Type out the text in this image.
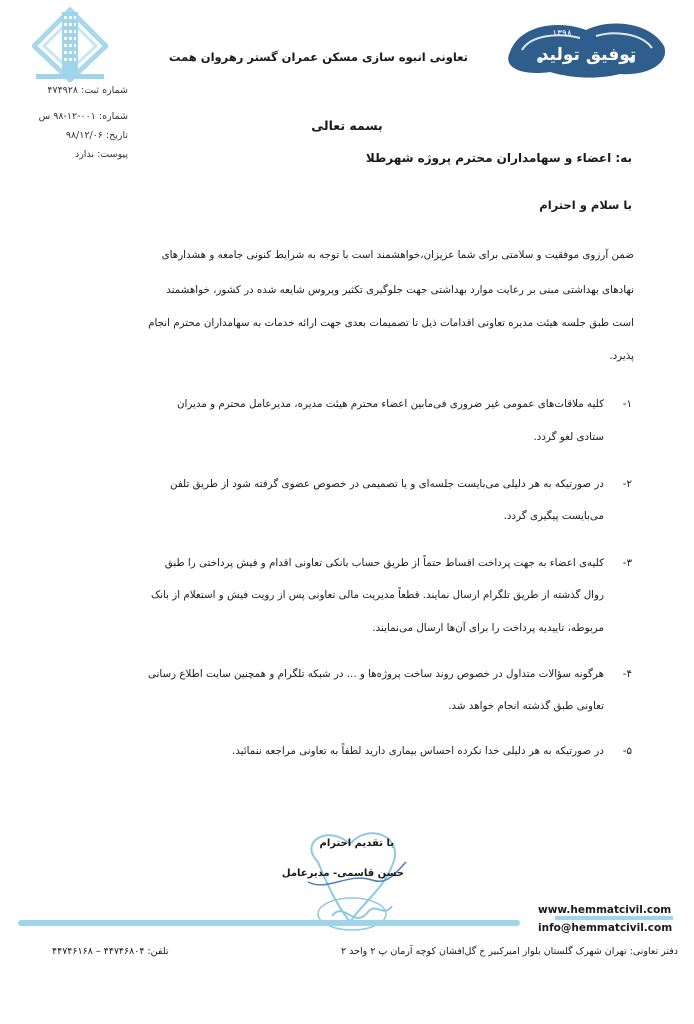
تعاونی انبوه سازی مسکن عمران گستر رهروان همت	توفیق تولید
۱۳۹۸
شماره ثبت: ۴۷۴۹۲۸
شماره: ۰۰۱-۱۲-۹۸ س
تاریخ: ۹۸/۱۲/۰۶
پیوست: ندارد
بسمه تعالی
به: اعضاء و سهامداران محترم پروژه شهرطلا
با سلام و احترام
ضمن آرزوی موفقیت و سلامتی برای شما عزیزان،خواهشمند است با توجه به شرایط کنونی جامعه و هشدارهای
نهادهای بهداشتی مبنی بر رعایت موارد بهداشتی جهت جلوگیری تکثیر ویروس شایعه شده در کشور، خواهشمند
است طبق جلسه هیئت مدیره تعاونی اقدامات ذیل تا تصمیمات بعدی جهت ارائه خدمات به سهامداران محترم انجام
پذیرد.
۱-
کلیه ملاقات‌های عمومی غیر ضروری فی‌مابین اعضاء محترم هیئت مدیره، مدیرعامل محترم و مدیران
ستادی لغو گردد.
۲-
در صورتیکه به هر دلیلی می‌بایست جلسه‌ای و یا تصمیمی در خصوص عضوی گرفته شود از طریق تلفن
می‌بایست پیگیری گردد.
۳-
کلیه‌ی اعضاء به جهت پرداخت اقساط حتماً از طریق حساب بانکی تعاونی اقدام و فیش پرداختی را طبق
روال گذشته از طریق تلگرام ارسال نمایند. قطعاً مدیریت مالی تعاونی پس از رویت فیش و استعلام از بانک
مربوطه، تاییدیه پرداخت را برای آن‌ها ارسال می‌نمایند.
۴-
هرگونه سؤالات متداول در خصوص روند ساخت پروژه‌ها و ... در شبکه تلگرام و همچنین سایت اطلاع رسانی
تعاونی طبق گذشته انجام خواهد شد.
۵-
در صورتیکه به هر دلیلی خدا نکرده احساس بیماری دارید لطفاً به تعاونی مراجعه ننمائید.
با تقدیم احترام
حسن قاسمی- مدیرعامل
www.hemmatcivil.com
info@hemmatcivil.com
دفتر تعاونی: تهران شهرک گلستان بلوار امیرکبیر خ گل‌افشان کوچه آرمان پ ۲ واحد ۲
تلفن: ۴۴۷۴۶۸۰۴ – ۴۴۷۴۶۱۶۸
